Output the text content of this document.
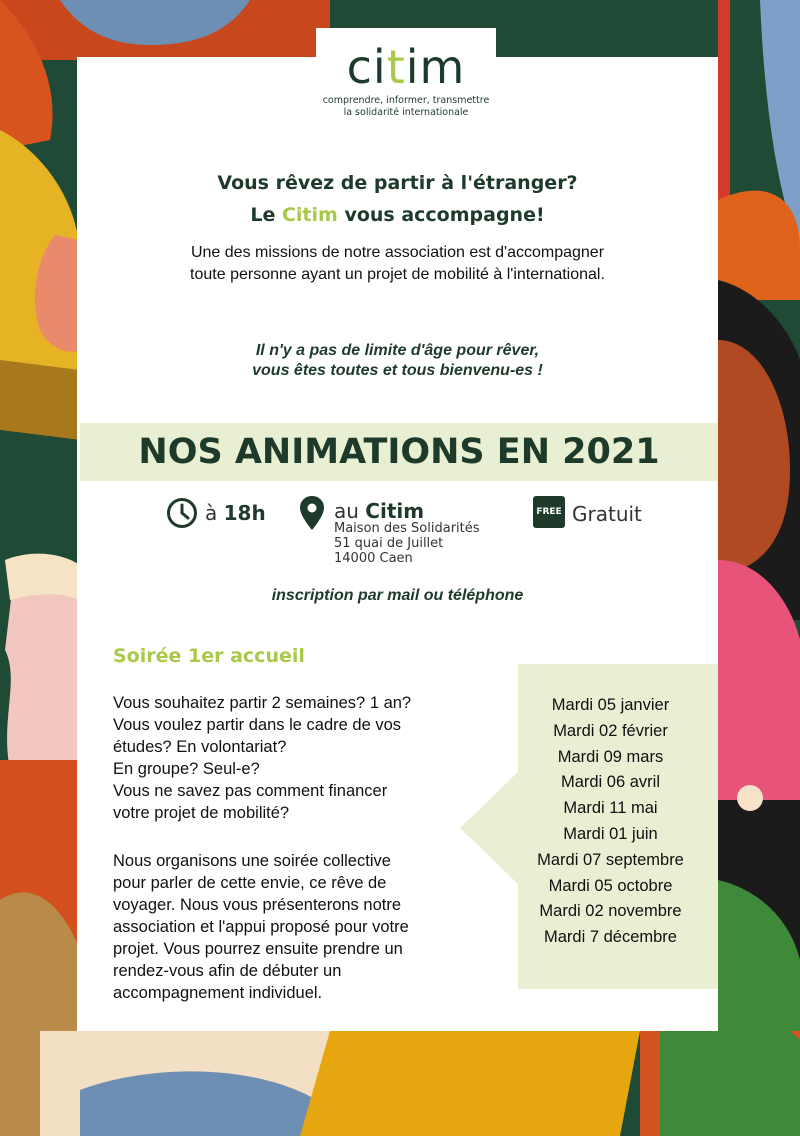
citim
comprendre, informer, transmettre
la solidarité internationale
Vous rêvez de partir à l'étranger?
Le Citim vous accompagne!
Une des missions de notre association est d'accompagner
toute personne ayant un projet de mobilité à l'international.
Il n'y a pas de limite d'âge pour rêver,
vous êtes toutes et tous bienvenu-es !
NOS ANIMATIONS EN 2021
à 18h	au Citim
Maison des Solidarités
51 quai de Juillet
14000 Caen
FREE Gratuit
inscription par mail ou téléphone
Soirée 1er accueil
Vous souhaitez partir 2 semaines? 1 an?
Vous voulez partir dans le cadre de vos
études? En volontariat?
En groupe? Seul-e?
Vous ne savez pas comment financer
votre projet de mobilité?
Nous organisons une soirée collective
pour parler de cette envie, ce rêve de
voyager. Nous vous présenterons notre
association et l'appui proposé pour votre
projet. Vous pourrez ensuite prendre un
rendez-vous afin de débuter un
accompagnement individuel.
Mardi 05 janvier
Mardi 02 février
Mardi 09 mars
Mardi 06 avril
Mardi 11 mai
Mardi 01 juin
Mardi 07 septembre
Mardi 05 octobre
Mardi 02 novembre
Mardi 7 décembre
